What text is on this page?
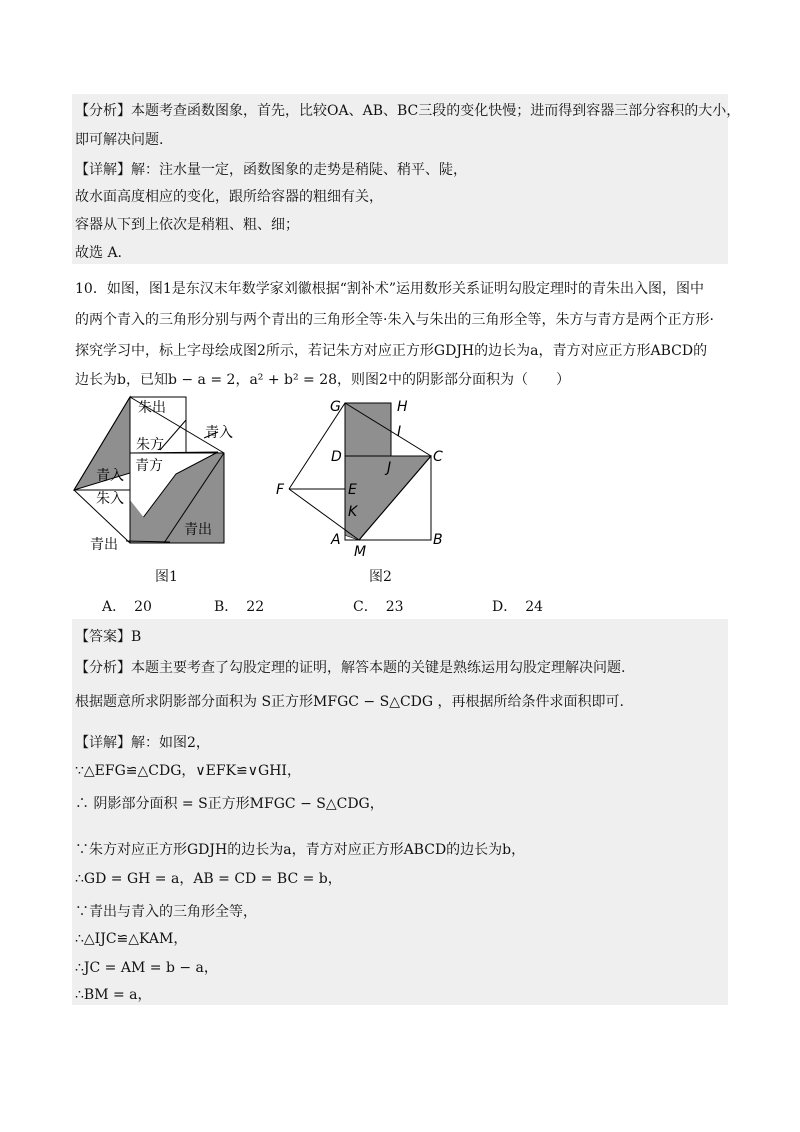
【分析】本题考查函数图象，首先，比较OA、AB、BC三段的变化快慢；进而得到容器三部分容积的大小，
即可解决问题.
【详解】解：注水量一定，函数图象的走势是稍陡、稍平、陡，
故水面高度相应的变化，跟所给容器的粗细有关，
容器从下到上依次是稍粗、粗、细；
故选 A.
10．如图，图1是东汉末年数学家刘徽根据“割补术”运用数形关系证明勾股定理时的青朱出入图，图中
的两个青入的三角形分别与两个青出的三角形全等·朱入与朱出的三角形全等，朱方与青方是两个正方形·
探究学习中，标上字母绘成图2所示，若记朱方对应正方形GDJH的边长为a，青方对应正方形ABCD的
边长为b，已知b − a = 2，a² + b² = 28，则图2中的阴影部分面积为（　　）
朱出
青入
朱方
青方
青入
朱入
青出
青出
图1
G	H
I
D
J
C
F	E
K
A
M
B
图2
A． 20	B． 22	C． 23	D． 24
【答案】B
【分析】本题主要考查了勾股定理的证明，解答本题的关键是熟练运用勾股定理解决问题.
根据题意所求阴影部分面积为 S正方形MFGC − S△CDG ，再根据所给条件求面积即可.
【详解】解：如图2，
∵△EFG≌△CDG，∨EFK≌∨GHI，
∴ 阴影部分面积 = S正方形MFGC − S△CDG，
∵朱方对应正方形GDJH的边长为a，青方对应正方形ABCD的边长为b，
∴GD = GH = a，AB = CD = BC = b，
∵青出与青入的三角形全等，
∴△IJC≌△KAM，
∴JC = AM = b − a，
∴BM = a，
